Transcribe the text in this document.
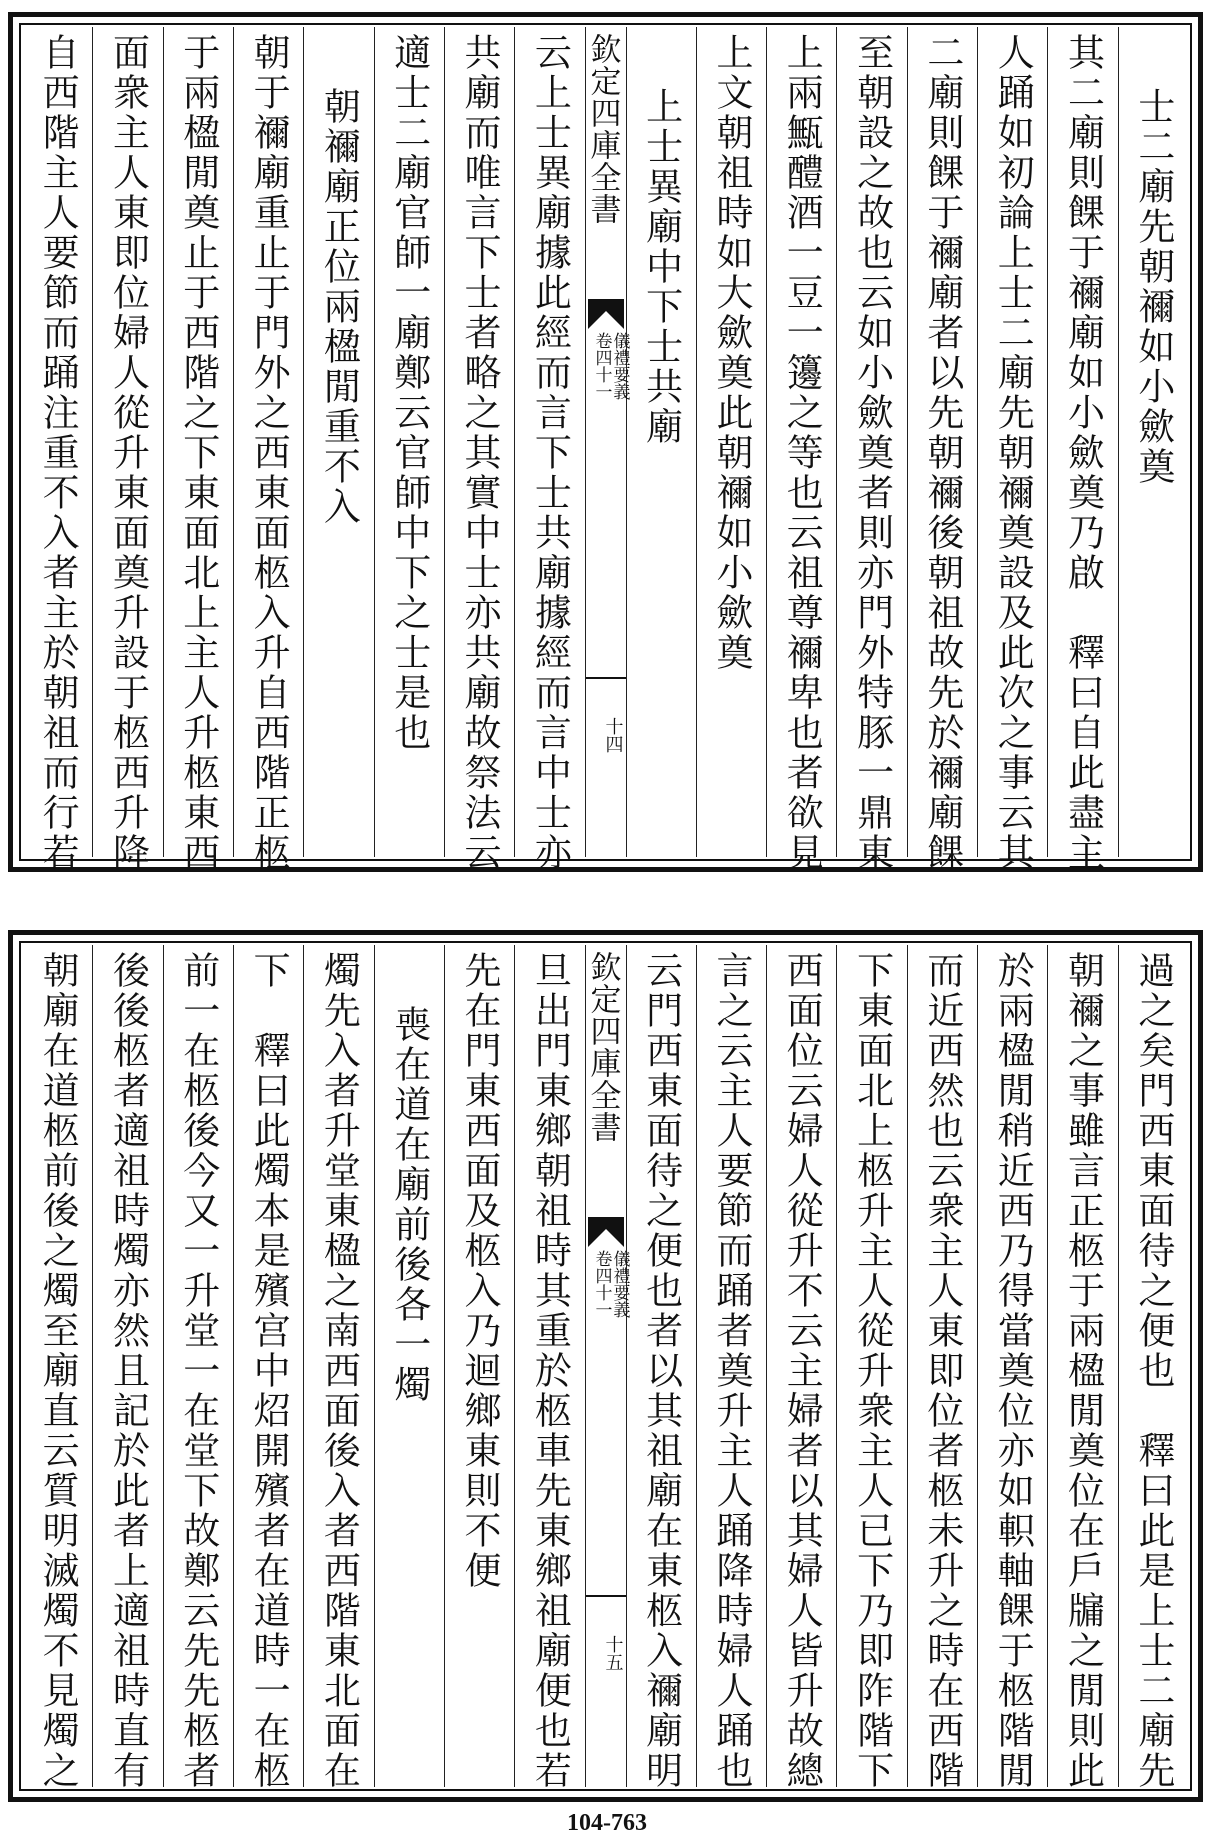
士二廟先朝禰如小歛奠
其二廟則餜于禰廟如小歛奠乃啟　釋曰自此盡主
人踊如初論上士二廟先朝禰奠設及此次之事云其
二廟則餜于禰廟者以先朝禰後朝祖故先於禰廟餜
至朝設之故也云如小歛奠者則亦門外特豚一鼎東
上兩甒醴酒一豆一籩之等也云祖尊禰卑也者欲見
上文朝祖時如大歛奠此朝禰如小歛奠
上士異廟中下士共廟
欽定四庫全書
儀禮要義
卷四十一
十四
云上士異廟據此經而言下士共廟據經而言中士亦
共廟而唯言下士者略之其實中士亦共廟故祭法云
適士二廟官師一廟鄭云官師中下之士是也
朝禰廟正位兩楹閒重不入
朝于禰廟重止于門外之西東面柩入升自西階正柩
于兩楹閒奠止于西階之下東面北上主人升柩東西
面衆主人東即位婦人從升東面奠升設于柩西升降
自西階主人要節而踊注重不入者主於朝祖而行若
過之矣門西東面待之便也　釋曰此是上士二廟先
朝禰之事雖言正柩于兩楹閒奠位在戶牖之閒則此
於兩楹閒稍近西乃得當奠位亦如軹軸餜于柩階閒
而近西然也云衆主人東即位者柩未升之時在西階
下東面北上柩升主人從升衆主人已下乃即阼階下
西面位云婦人從升不云主婦者以其婦人皆升故總
言之云主人要節而踊者奠升主人踊降時婦人踊也
云門西東面待之便也者以其祖廟在東柩入禰廟明
欽定四庫全書
儀禮要義
卷四十一
十五
旦出門東鄉朝祖時其重於柩車先東鄉祖廟便也若
先在門東西面及柩入乃迴鄉東則不便
喪在道在廟前後各一燭
燭先入者升堂東楹之南西面後入者西階東北面在
下　釋曰此燭本是殯宫中炤開殯者在道時一在柩
前一在柩後今又一升堂一在堂下故鄭云先先柩者
後後柩者適祖時燭亦然且記於此者上適祖時直有
朝廟在道柩前後之燭至廟直云質明滅燭不見燭之
104-763
